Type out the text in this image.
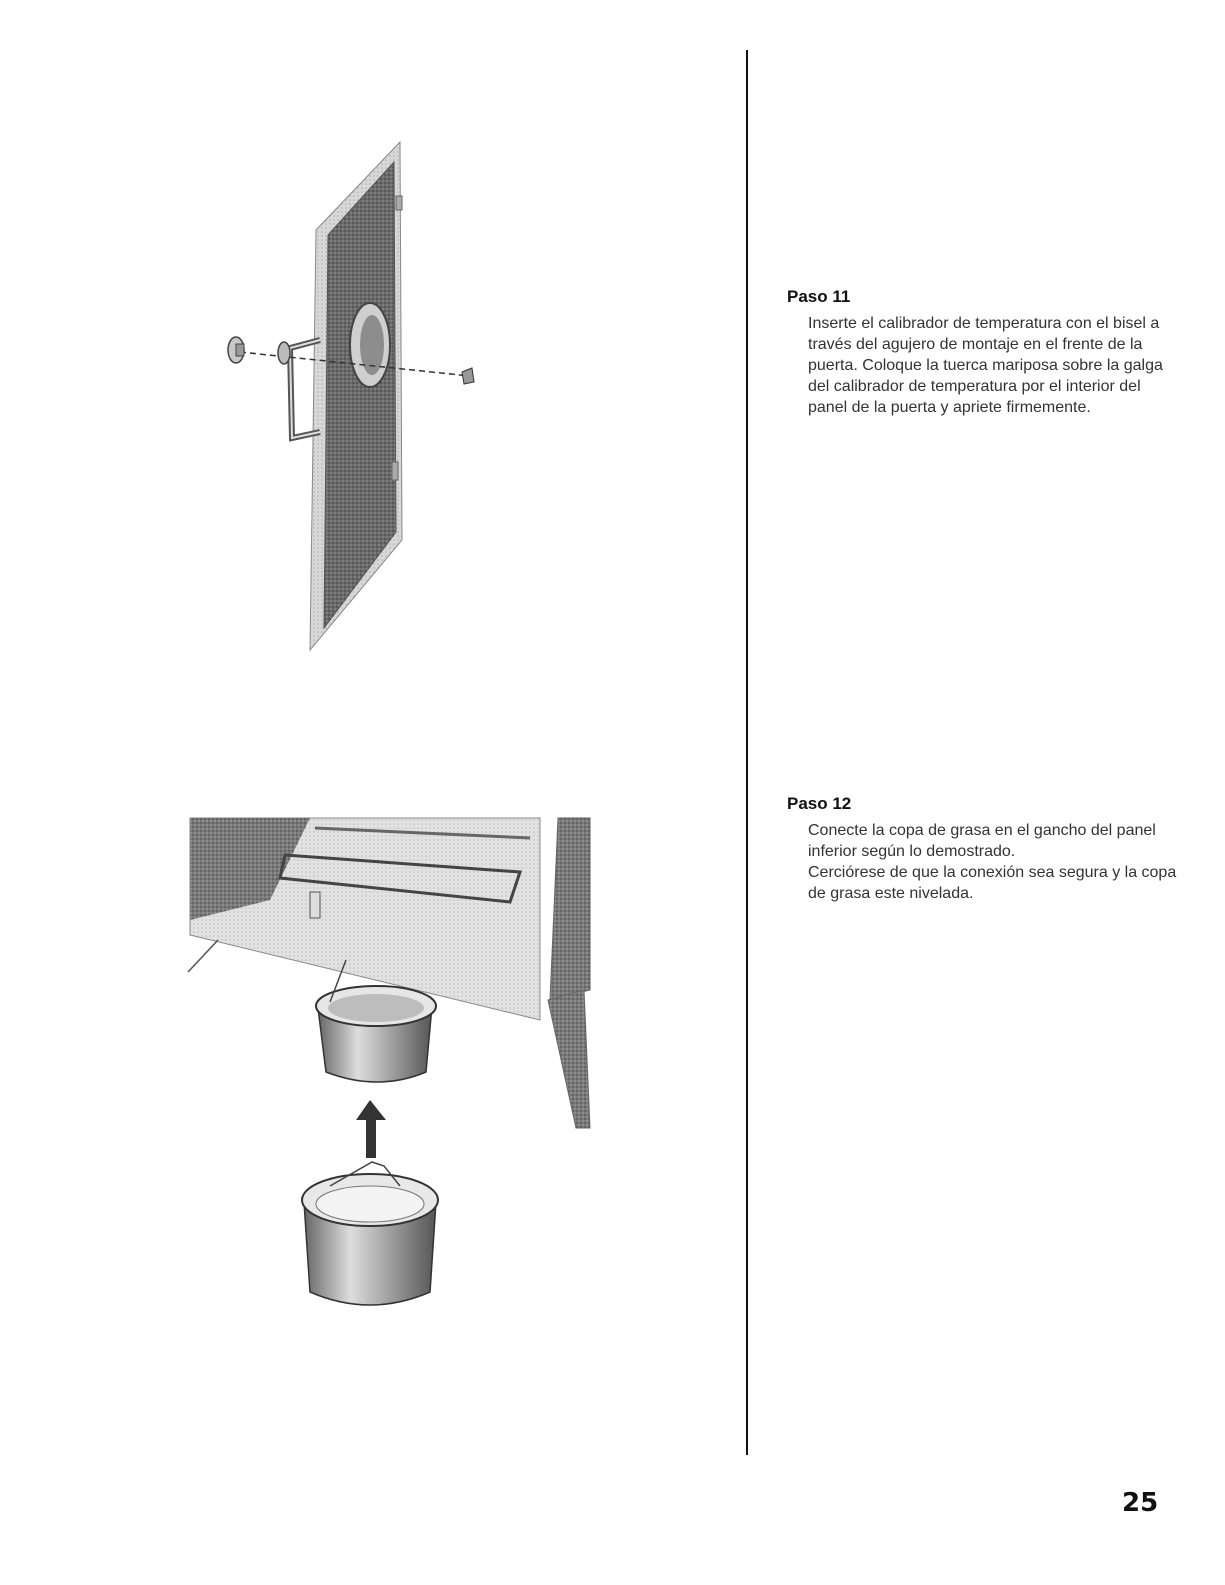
Paso 11

Inserte el calibrador de temperatura con el bisel a través del agujero de montaje en el frente de la puerta. Coloque la tuerca mariposa sobre la galga del calibrador de temperatura por el interior del panel de la puerta y apriete firmemente.

Paso 12

Conecte la copa de grasa en el gancho del panel inferior según lo demostrado.

Cerciórese de que la conexión sea segura y la copa de grasa este nivelada.

25
